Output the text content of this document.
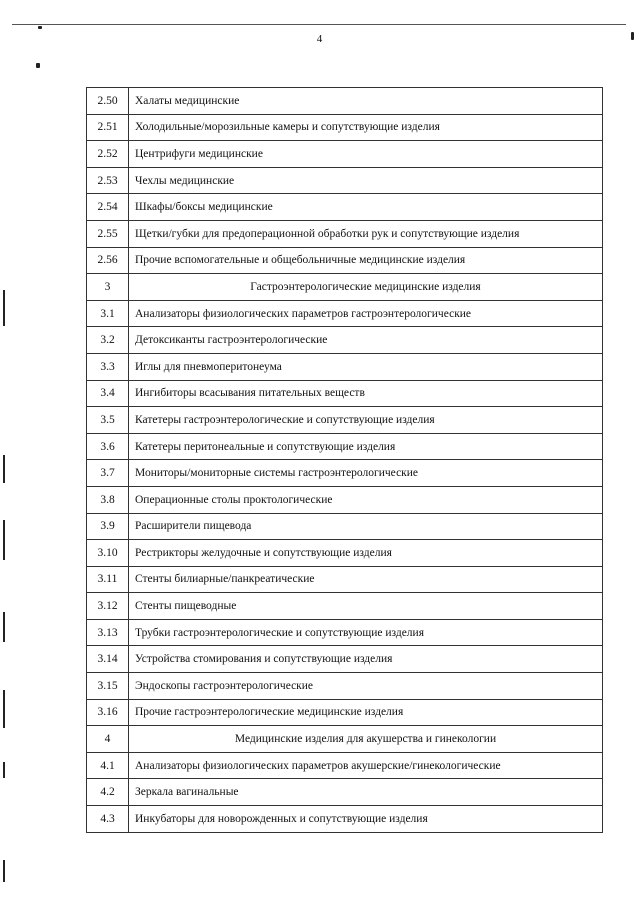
4
2.50	Халаты медицинские
2.51	Холодильные/морозильные камеры и сопутствующие изделия
2.52	Центрифуги медицинские
2.53	Чехлы медицинские
2.54	Шкафы/боксы медицинские
2.55	Щетки/губки для предоперационной обработки рук и сопутствующие изделия
2.56	Прочие вспомогательные и общебольничные медицинские изделия
3	Гастроэнтерологические медицинские изделия
3.1	Анализаторы физиологических параметров гастроэнтерологические
3.2	Детоксиканты гастроэнтерологические
3.3	Иглы для пневмоперитонеума
3.4	Ингибиторы всасывания питательных веществ
3.5	Катетеры гастроэнтерологические и сопутствующие изделия
3.6	Катетеры перитонеальные и сопутствующие изделия
3.7	Мониторы/мониторные системы гастроэнтерологические
3.8	Операционные столы проктологические
3.9	Расширители пищевода
3.10	Рестрикторы желудочные и сопутствующие изделия
3.11	Стенты билиарные/панкреатические
3.12	Стенты пищеводные
3.13	Трубки гастроэнтерологические и сопутствующие изделия
3.14	Устройства стомирования и сопутствующие изделия
3.15	Эндоскопы гастроэнтерологические
3.16	Прочие гастроэнтерологические медицинские изделия
4	Медицинские изделия для акушерства и гинекологии
4.1	Анализаторы физиологических параметров акушерские/гинекологические
4.2	Зеркала вагинальные
4.3	Инкубаторы для новорожденных и сопутствующие изделия
